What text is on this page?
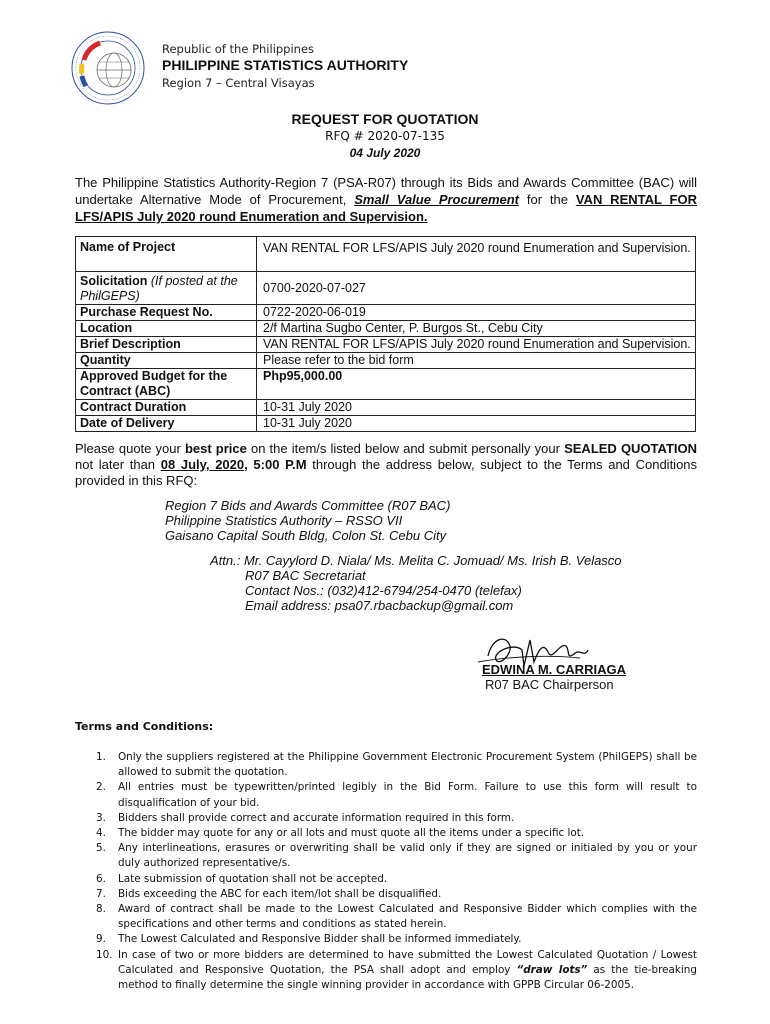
Republic of the Philippines
PHILIPPINE STATISTICS AUTHORITY
Region 7 – Central Visayas
REQUEST FOR QUOTATION
RFQ # 2020-07-135
04 July 2020
The Philippine Statistics Authority-Region 7 (PSA-R07) through its Bids and Awards Committee (BAC) will undertake Alternative Mode of Procurement, Small Value Procurement for the VAN RENTAL FOR LFS/APIS July 2020 round Enumeration and Supervision.
Name of Project	VAN RENTAL FOR LFS/APIS July 2020 round Enumeration and Supervision.
Solicitation (If posted at the PhilGEPS)	0700-2020-07-027
Purchase Request No.	0722-2020-06-019
Location	2/f Martina Sugbo Center, P. Burgos St., Cebu City
Brief Description	VAN RENTAL FOR LFS/APIS July 2020 round Enumeration and Supervision.
Quantity	Please refer to the bid form
Approved Budget for the Contract (ABC)	Php95,000.00
Contract Duration	10-31 July 2020
Date of Delivery	10-31 July 2020
Please quote your best price on the item/s listed below and submit personally your SEALED QUOTATION not later than 08 July, 2020, 5:00 P.M through the address below, subject to the Terms and Conditions provided in this RFQ:
Region 7 Bids and Awards Committee (R07 BAC)
Philippine Statistics Authority – RSSO VII
Gaisano Capital South Bldg, Colon St. Cebu City
Attn.: Mr. Cayylord D. Niala/ Ms. Melita C. Jomuad/ Ms. Irish B. Velasco
R07 BAC Secretariat
Contact Nos.: (032)412-6794/254-0470 (telefax)
Email address: psa07.rbacbackup@gmail.com
EDWINA M. CARRIAGA
R07 BAC Chairperson
Terms and Conditions:
1.	Only the suppliers registered at the Philippine Government Electronic Procurement System (PhilGEPS) shall be allowed to submit the quotation.
2.	All entries must be typewritten/printed legibly in the Bid Form. Failure to use this form will result to disqualification of your bid.
3.	Bidders shall provide correct and accurate information required in this form.
4.	The bidder may quote for any or all lots and must quote all the items under a specific lot.
5.	Any interlineations, erasures or overwriting shall be valid only if they are signed or initialed by you or your duly authorized representative/s.
6.	Late submission of quotation shall not be accepted.
7.	Bids exceeding the ABC for each item/lot shall be disqualified.
8.	Award of contract shall be made to the Lowest Calculated and Responsive Bidder which complies with the specifications and other terms and conditions as stated herein.
9.	The Lowest Calculated and Responsive Bidder shall be informed immediately.
10. In case of two or more bidders are determined to have submitted the Lowest Calculated Quotation / Lowest Calculated and Responsive Quotation, the PSA shall adopt and employ “draw lots” as the tie-breaking method to finally determine the single winning provider in accordance with GPPB Circular 06-2005.
